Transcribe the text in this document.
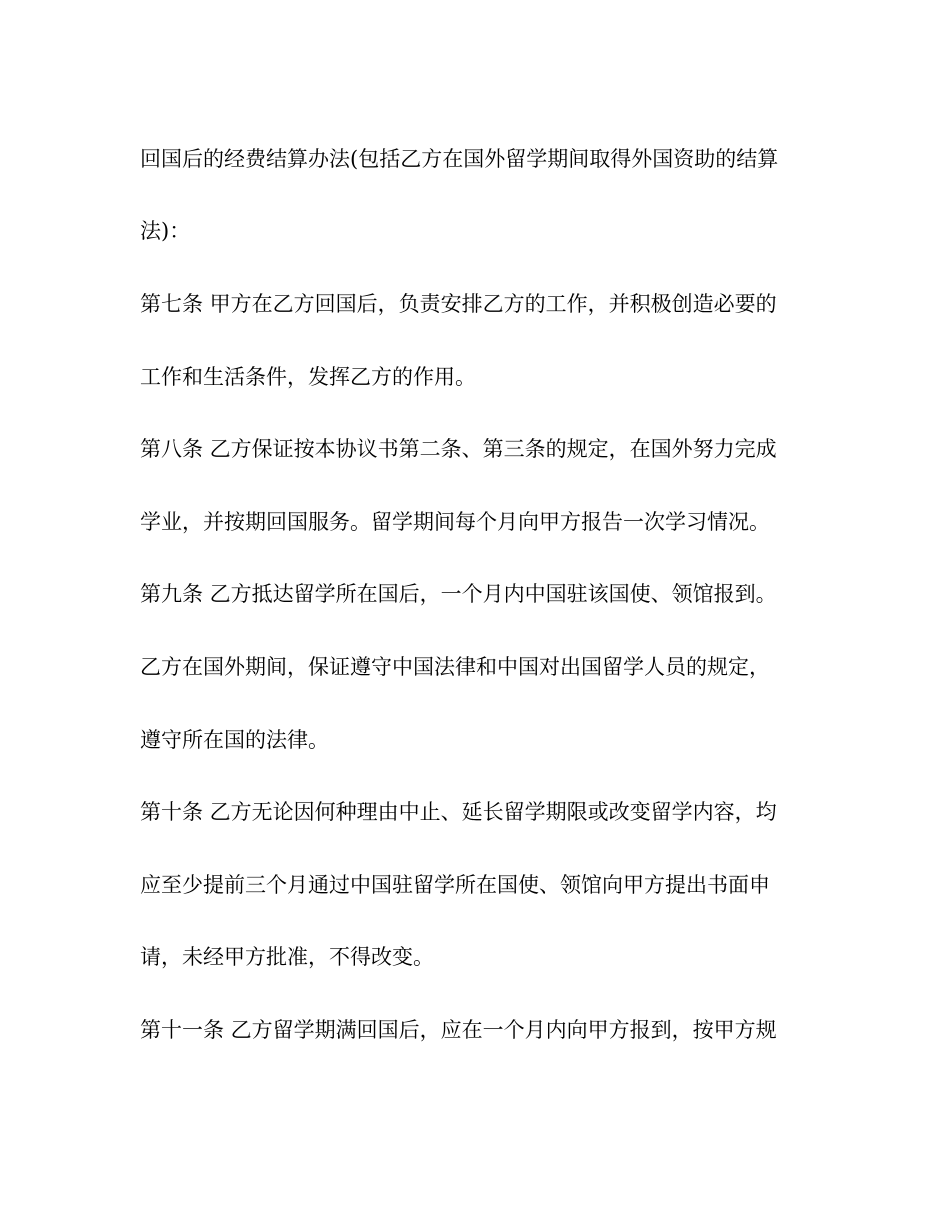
回国后的经费结算办法(包括乙方在国外留学期间取得外国资助的结算
法)：
第七条 甲方在乙方回国后，负责安排乙方的工作，并积极创造必要的
工作和生活条件，发挥乙方的作用。
第八条 乙方保证按本协议书第二条、第三条的规定，在国外努力完成
学业，并按期回国服务。留学期间每个月向甲方报告一次学习情况。
第九条 乙方抵达留学所在国后，一个月内中国驻该国使、领馆报到。
乙方在国外期间，保证遵守中国法律和中国对出国留学人员的规定，
遵守所在国的法律。
第十条 乙方无论因何种理由中止、延长留学期限或改变留学内容，均
应至少提前三个月通过中国驻留学所在国使、领馆向甲方提出书面申
请，未经甲方批准，不得改变。
第十一条 乙方留学期满回国后，应在一个月内向甲方报到，按甲方规
